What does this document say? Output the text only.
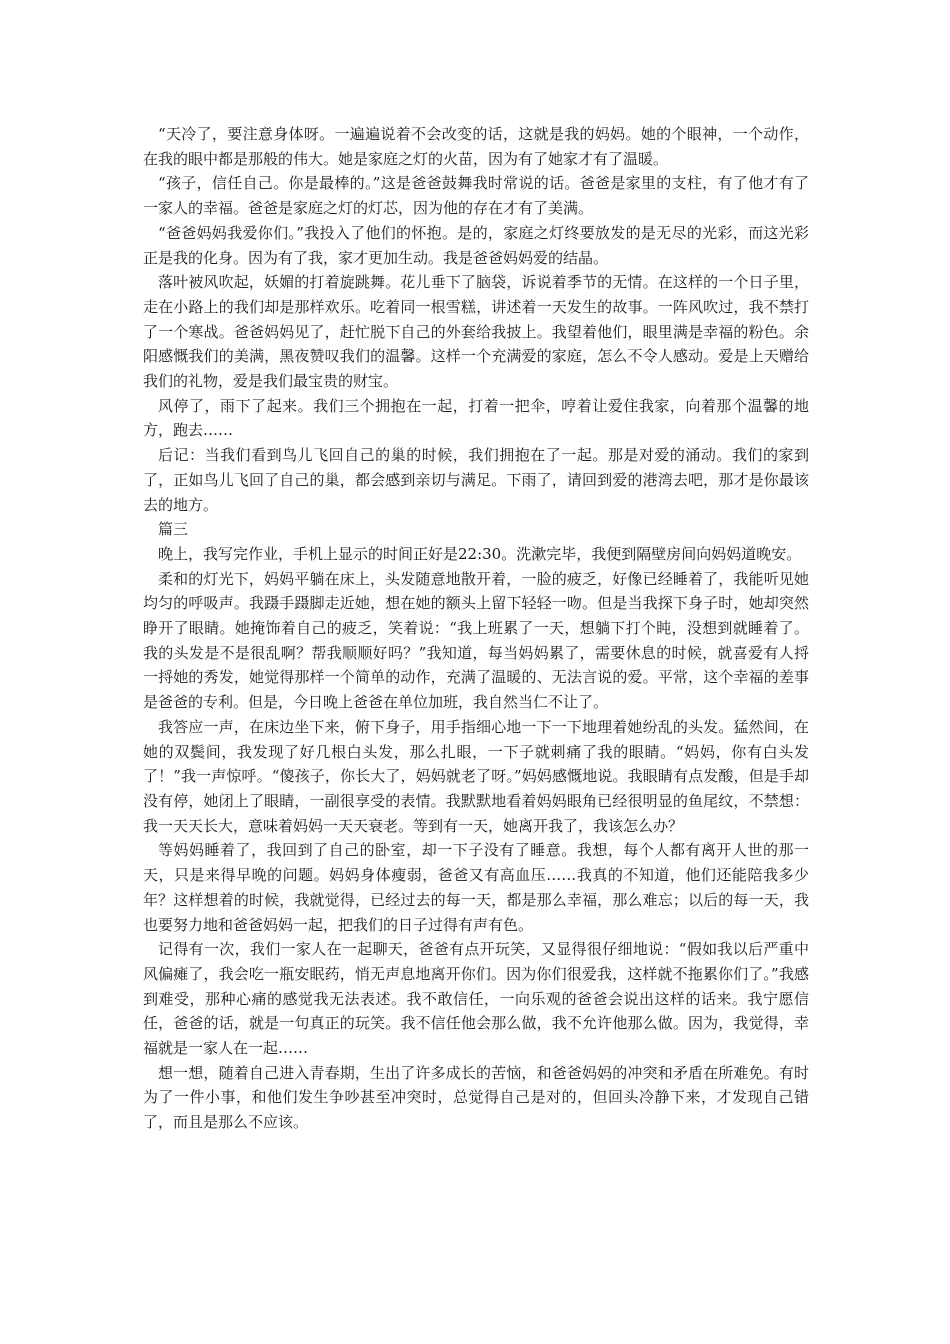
“天冷了，要注意身体呀。一遍遍说着不会改变的话，这就是我的妈妈。她的个眼神，一个动作，在我的眼中都是那般的伟大。她是家庭之灯的火苗，因为有了她家才有了温暖。

“孩子，信任自己。你是最棒的。”这是爸爸鼓舞我时常说的话。爸爸是家里的支柱，有了他才有了一家人的幸福。爸爸是家庭之灯的灯芯，因为他的存在才有了美满。

“爸爸妈妈我爱你们。”我投入了他们的怀抱。是的，家庭之灯终要放发的是无尽的光彩，而这光彩正是我的化身。因为有了我，家才更加生动。我是爸爸妈妈爱的结晶。

落叶被风吹起，妖媚的打着旋跳舞。花儿垂下了脑袋，诉说着季节的无情。在这样的一个日子里，走在小路上的我们却是那样欢乐。吃着同一根雪糕，讲述着一天发生的故事。一阵风吹过，我不禁打了一个寒战。爸爸妈妈见了，赶忙脱下自己的外套给我披上。我望着他们，眼里满是幸福的粉色。余阳感慨我们的美满，黑夜赞叹我们的温馨。这样一个充满爱的家庭，怎么不令人感动。爱是上天赠给我们的礼物，爱是我们最宝贵的财宝。

风停了，雨下了起来。我们三个拥抱在一起，打着一把伞，哼着让爱住我家，向着那个温馨的地方，跑去……

后记：当我们看到鸟儿飞回自己的巢的时候，我们拥抱在了一起。那是对爱的涌动。我们的家到了，正如鸟儿飞回了自己的巢，都会感到亲切与满足。下雨了，请回到爱的港湾去吧，那才是你最该去的地方。

篇三

晚上，我写完作业，手机上显示的时间正好是22:30。洗漱完毕，我便到隔壁房间向妈妈道晚安。

柔和的灯光下，妈妈平躺在床上，头发随意地散开着，一脸的疲乏，好像已经睡着了，我能听见她均匀的呼吸声。我蹑手蹑脚走近她，想在她的额头上留下轻轻一吻。但是当我探下身子时，她却突然睁开了眼睛。她掩饰着自己的疲乏，笑着说：“我上班累了一天，想躺下打个盹，没想到就睡着了。我的头发是不是很乱啊？帮我顺顺好吗？”我知道，每当妈妈累了，需要休息的时候，就喜爱有人捋一捋她的秀发，她觉得那样一个简单的动作，充满了温暖的、无法言说的爱。平常，这个幸福的差事是爸爸的专利。但是，今日晚上爸爸在单位加班，我自然当仁不让了。

我答应一声，在床边坐下来，俯下身子，用手指细心地一下一下地理着她纷乱的头发。猛然间，在她的双鬓间，我发现了好几根白头发，那么扎眼，一下子就刺痛了我的眼睛。“妈妈，你有白头发了！”我一声惊呼。“傻孩子，你长大了，妈妈就老了呀。”妈妈感慨地说。我眼睛有点发酸，但是手却没有停，她闭上了眼睛，一副很享受的表情。我默默地看着妈妈眼角已经很明显的鱼尾纹，不禁想：我一天天长大，意味着妈妈一天天衰老。等到有一天，她离开我了，我该怎么办？

等妈妈睡着了，我回到了自己的卧室，却一下子没有了睡意。我想，每个人都有离开人世的那一天，只是来得早晚的问题。妈妈身体瘦弱，爸爸又有高血压……我真的不知道，他们还能陪我多少年？这样想着的时候，我就觉得，已经过去的每一天，都是那么幸福，那么难忘；以后的每一天，我也要努力地和爸爸妈妈一起，把我们的日子过得有声有色。

记得有一次，我们一家人在一起聊天，爸爸有点开玩笑，又显得很仔细地说：“假如我以后严重中风偏瘫了，我会吃一瓶安眠药，悄无声息地离开你们。因为你们很爱我，这样就不拖累你们了。”我感到难受，那种心痛的感觉我无法表述。我不敢信任，一向乐观的爸爸会说出这样的话来。我宁愿信任，爸爸的话，就是一句真正的玩笑。我不信任他会那么做，我不允许他那么做。因为，我觉得，幸福就是一家人在一起……

想一想，随着自己进入青春期，生出了许多成长的苦恼，和爸爸妈妈的冲突和矛盾在所难免。有时为了一件小事，和他们发生争吵甚至冲突时，总觉得自己是对的，但回头冷静下来，才发现自己错了，而且是那么不应该。
